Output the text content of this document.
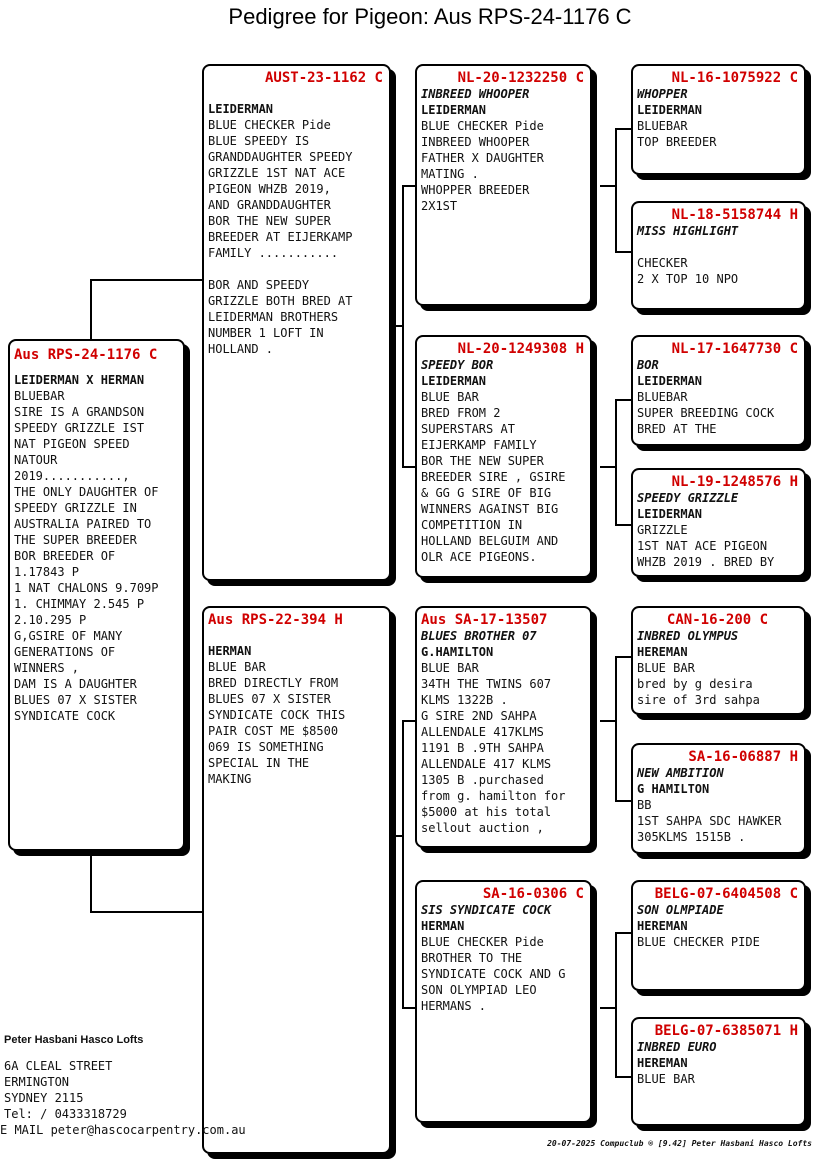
Pedigree for Pigeon: Aus RPS-24-1176 C
Aus RPS-24-1176 C
LEIDERMAN X HERMAN
BLUEBAR
SIRE IS A GRANDSON
SPEEDY GRIZZLE IST
NAT PIGEON SPEED
NATOUR
2019...........,
THE ONLY DAUGHTER OF
SPEEDY GRIZZLE IN
AUSTRALIA PAIRED TO
THE SUPER BREEDER
BOR BREEDER OF
1.17843 P
1 NAT CHALONS 9.709P
1. CHIMMAY 2.545 P
2.10.295 P
G,GSIRE OF MANY
GENERATIONS OF
WINNERS ,
DAM IS A DAUGHTER
BLUES 07 X SISTER
SYNDICATE COCK
AUST-23-1162 C
LEIDERMAN
BLUE CHECKER Pide
BLUE SPEEDY IS
GRANDDAUGHTER SPEEDY
GRIZZLE 1ST NAT ACE
PIGEON WHZB 2019,
AND GRANDDAUGHTER
BOR THE NEW SUPER
BREEDER AT EIJERKAMP
FAMILY ...........
BOR AND SPEEDY
GRIZZLE BOTH BRED AT
LEIDERMAN BROTHERS
NUMBER 1 LOFT IN
HOLLAND .
Aus RPS-22-394 H
HERMAN
BLUE BAR
BRED DIRECTLY FROM
BLUES 07 X SISTER
SYNDICATE COCK THIS
PAIR COST ME $8500
069 IS SOMETHING
SPECIAL IN THE
MAKING
NL-20-1232250 C
INBREED WHOOPER
LEIDERMAN
BLUE CHECKER Pide
INBREED WHOOPER
FATHER X DAUGHTER
MATING .
WHOPPER BREEDER
2X1ST
NL-20-1249308 H
SPEEDY BOR
LEIDERMAN
BLUE BAR
BRED FROM 2
SUPERSTARS AT
EIJERKAMP FAMILY
BOR THE NEW SUPER
BREEDER SIRE , GSIRE
& GG G SIRE OF BIG
WINNERS AGAINST BIG
COMPETITION IN
HOLLAND BELGUIM AND
OLR ACE PIGEONS.
Aus SA-17-13507
BLUES BROTHER 07
G.HAMILTON
BLUE BAR
34TH THE TWINS 607
KLMS 1322B .
G SIRE 2ND SAHPA
ALLENDALE 417KLMS
1191 B .9TH SAHPA
ALLENDALE 417 KLMS
1305 B .purchased
from g. hamilton for
$5000 at his total
sellout auction ,
SA-16-0306 C
SIS SYNDICATE COCK
HERMAN
BLUE CHECKER Pide
BROTHER TO THE
SYNDICATE COCK AND G
SON OLYMPIAD LEO
HERMANS .
NL-16-1075922 C
WHOPPER
LEIDERMAN
BLUEBAR
TOP BREEDER
NL-18-5158744 H
MISS HIGHLIGHT
CHECKER
2 X TOP 10 NPO
NL-17-1647730 C
BOR
LEIDERMAN
BLUEBAR
SUPER BREEDING COCK
BRED AT THE
NL-19-1248576 H
SPEEDY GRIZZLE
LEIDERMAN
GRIZZLE
1ST NAT ACE PIGEON
WHZB 2019 . BRED BY
CAN-16-200 C
INBRED OLYMPUS
HEREMAN
BLUE BAR
bred by g desira
sire of 3rd sahpa
SA-16-06887 H
NEW AMBITION
G HAMILTON
BB
1ST SAHPA SDC HAWKER
305KLMS 1515B .
BELG-07-6404508 C
SON OLMPIADE
HEREMAN
BLUE CHECKER PIDE
BELG-07-6385071 H
INBRED EURO
HEREMAN
BLUE BAR
Peter Hasbani Hasco Lofts
6A CLEAL STREET
ERMINGTON
SYDNEY 2115
Tel: / 0433318729
E MAIL peter@hascocarpentry.com.au
20-07-2025 Compuclub ® [9.42] Peter Hasbani Hasco Lofts
